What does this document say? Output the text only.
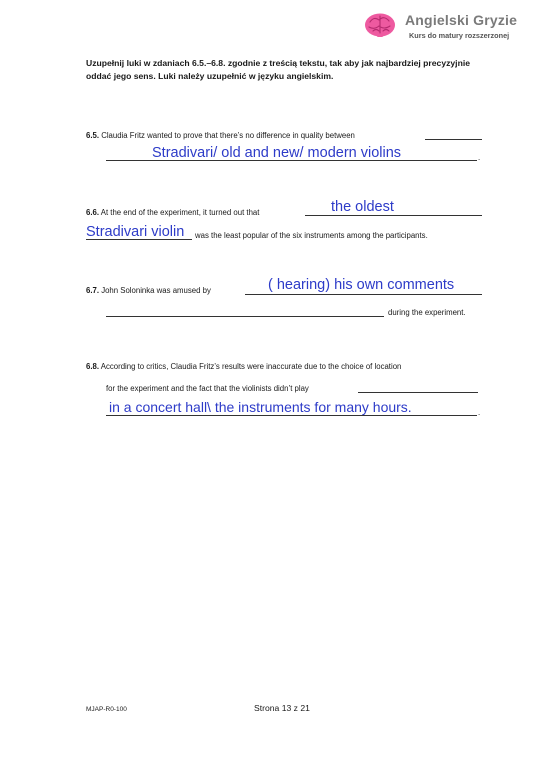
Angielski Gryzie
Kurs do matury rozszerzonej
Uzupełnij luki w zdaniach 6.5.–6.8. zgodnie z treścią tekstu, tak aby jak najbardziej precyzyjnie oddać jego sens. Luki należy uzupełnić w języku angielskim.
6.5. Claudia Fritz wanted to prove that there’s no difference in quality between
Stradivari/ old and new/ modern violins	.
6.6. At the end of the experiment, it turned out that	the oldest
Stradivari violin was the least popular of the six instruments among the participants.
6.7. John Soloninka was amused by	( hearing) his own comments
during the experiment.
6.8. According to critics, Claudia Fritz’s results were inaccurate due to the choice of location
for the experiment and the fact that the violinists didn’t play
in a concert hall\ the instruments for many hours.	.
MJAP-R0-100	Strona 13 z 21
